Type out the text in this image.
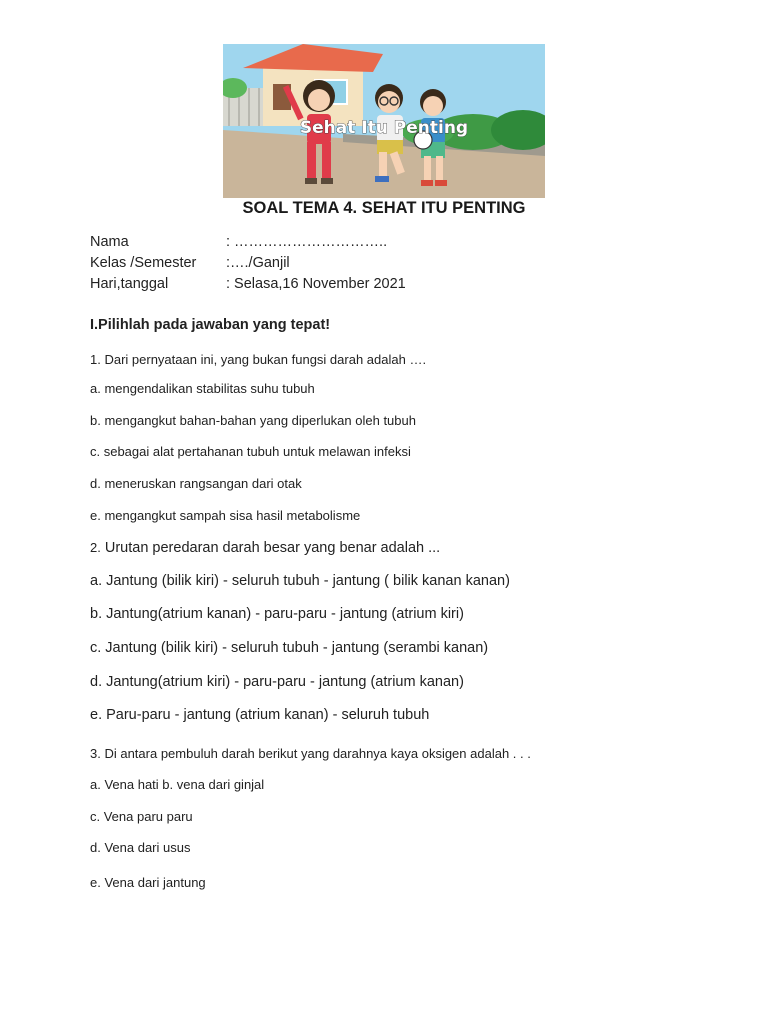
Sehat Itu Penting
SOAL TEMA 4. SEHAT ITU PENTING
Nama	: …………………………..
Kelas /Semester :…./Ganjil
Hari,tanggal	: Selasa,16 November 2021
I.Pilihlah pada jawaban yang tepat!
1. Dari pernyataan ini, yang bukan fungsi darah adalah ….
a. mengendalikan stabilitas suhu tubuh
b. mengangkut bahan-bahan yang diperlukan oleh tubuh
c. sebagai alat pertahanan tubuh untuk melawan infeksi
d. meneruskan rangsangan dari otak
e. mengangkut sampah sisa hasil metabolisme
2. Urutan peredaran darah besar yang benar adalah ...
a. Jantung (bilik kiri) - seluruh tubuh - jantung ( bilik kanan kanan)
b. Jantung(atrium kanan) - paru-paru - jantung (atrium kiri)
c. Jantung (bilik kiri) - seluruh tubuh - jantung (serambi kanan)
d. Jantung(atrium kiri) - paru-paru - jantung (atrium kanan)
e. Paru-paru - jantung (atrium kanan) - seluruh tubuh
3. Di antara pembuluh darah berikut yang darahnya kaya oksigen adalah . . .
a. Vena hati b. vena dari ginjal
c. Vena paru paru
d. Vena dari usus
e. Vena dari jantung
